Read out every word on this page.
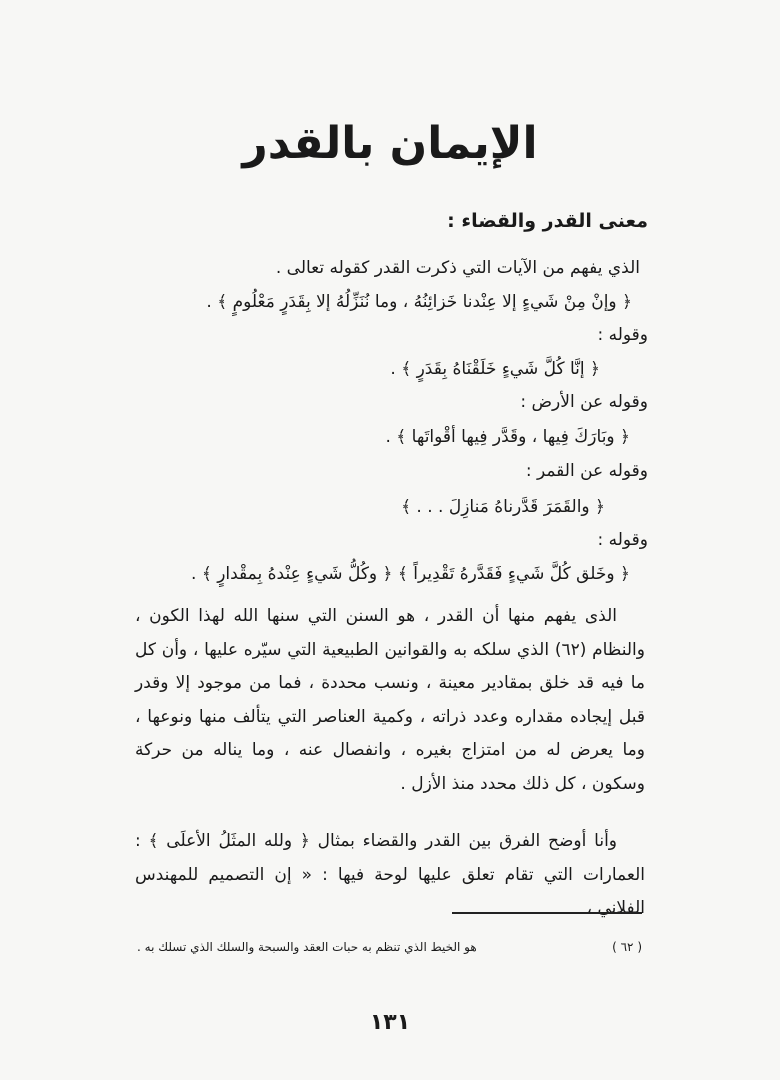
الإيمان بالقدر
معنى القدر والقضاء :
الذي يفهم من الآيات التي ذكرت القدر كقوله تعالى .
﴿ وإنْ مِنْ شَيءٍ إلا عِنْدنا خَزائِنُهُ ، وما نُنَزِّلُهُ إلا بِقَدَرٍ مَعْلُومٍ ﴾ .
وقوله :
﴿ إنَّا كُلَّ شَيءٍ خَلَقْنَاهُ بِقَدَرٍ ﴾ .
وقوله عن الأرض :
﴿ وبَارَكَ فِيها ، وقَدَّر فِيها أقْواتَها ﴾ .
وقوله عن القمر :
﴿ والقَمَرَ قَدَّرناهُ مَنازِلَ . . . ﴾
وقوله :
﴿ وخَلق كُلَّ شَيءٍ فَقَدَّرهُ تَقْدِيراً ﴾ ﴿ وكُلُّ شَيءٍ عِنْدهُ بِمقْدارٍ ﴾ .
الذى يفهم منها أن القدر ، هو السنن التي سنها الله لهذا الكون ، والنظام (٦٢) الذي سلكه به والقوانين الطبيعية التي سيّره عليها ، وأن كل ما فيه قد خلق بمقادير معينة ، ونسب محددة ، فما من موجود إلا وقدر قبل إيجاده مقداره وعدد ذراته ، وكمية العناصر التي يتألف منها ونوعها ، وما يعرض له من امتزاج بغيره ، وانفصال عنه ، وما يناله من حركة وسكون ، كل ذلك محدد منذ الأزل .
وأنا أوضح الفرق بين القدر والقضاء بمثال ﴿ ولله المثَلُ الأعلَى ﴾ : العمارات التي تقام تعلق عليها لوحة فيها : « إن التصميم للمهندس الفلاني ،
( ٦٢ )
هو الخيط الذي تنظم به حبات العقد والسبحة والسلك الذي تسلك به .
١٣١
